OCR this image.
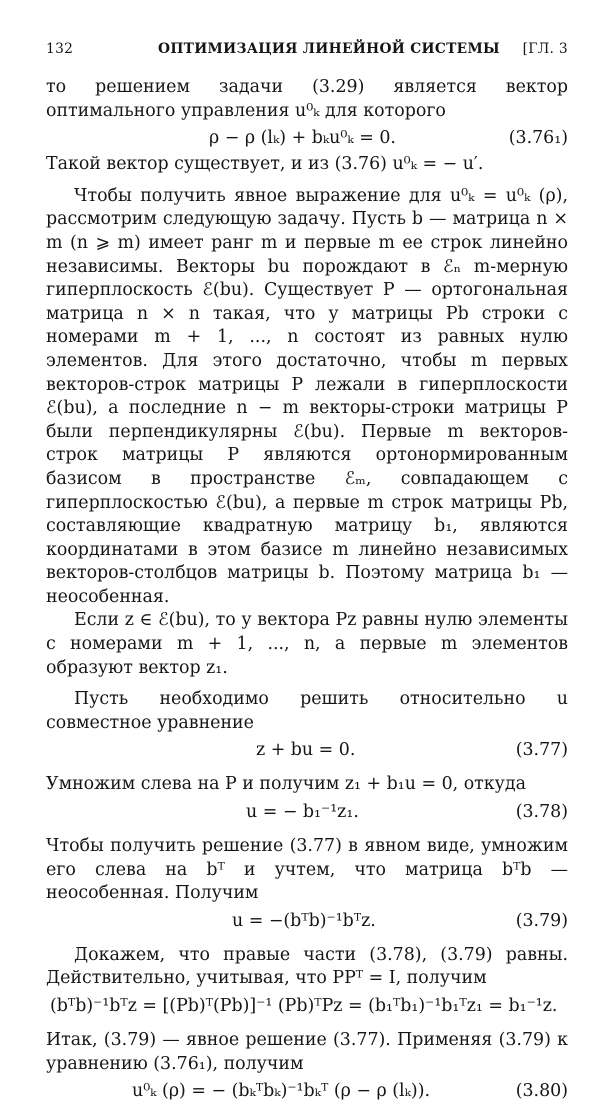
132	ОПТИМИЗАЦИЯ ЛИНЕЙНОЙ СИСТЕМЫ [ГЛ. 3

то решением задачи (3.29) является вектор оптимального управления u⁰ₖ для которого

ρ − ρ (lₖ) + bₖu⁰ₖ = 0.	(3.76₁)

Такой вектор существует, и из (3.76) u⁰ₖ = − u′.

Чтобы получить явное выражение для u⁰ₖ = u⁰ₖ (ρ), рассмотрим следующую задачу. Пусть b — матрица n × m (n ⩾ m) имеет ранг m и первые m ее строк линейно независимы. Векторы bu порождают в ℰₙ m-мерную гиперплоскость ℰ(bu). Существует P — ортогональная матрица n × n такая, что у матрицы Pb строки с номерами m + 1, ..., n состоят из равных нулю элементов. Для этого достаточно, чтобы m первых векторов-строк матрицы P лежали в гиперплоскости ℰ(bu), а последние n − m векторы-строки матрицы P были перпендикулярны ℰ(bu). Первые m векторов-строк матрицы P являются ортонормированным базисом в пространстве ℰₘ, совпадающем с гиперплоскостью ℰ(bu), а первые m строк матрицы Pb, составляющие квадратную матрицу b₁, являются координатами в этом базисе m линейно независимых векторов-столбцов матрицы b. Поэтому матрица b₁ — неособенная.

Если z ∈ ℰ(bu), то у вектора Pz равны нулю элементы с номерами m + 1, ..., n, а первые m элементов образуют вектор z₁.

Пусть необходимо решить относительно u совместное уравнение

z + bu = 0.	(3.77)

Умножим слева на P и получим z₁ + b₁u = 0, откуда

u = − b₁⁻¹z₁.	(3.78)

Чтобы получить решение (3.77) в явном виде, умножим его слева на bᵀ и учтем, что матрица bᵀb — неособенная. Получим

u = −(bᵀb)⁻¹bᵀz.	(3.79)

Докажем, что правые части (3.78), (3.79) равны. Действительно, учитывая, что PPᵀ = I, получим

(bᵀb)⁻¹bᵀz = [(Pb)ᵀ(Pb)]⁻¹ (Pb)ᵀPz = (b₁ᵀb₁)⁻¹b₁ᵀz₁ = b₁⁻¹z.

Итак, (3.79) — явное решение (3.77). Применяя (3.79) к уравнению (3.76₁), получим

u⁰ₖ (ρ) = − (bₖᵀbₖ)⁻¹bₖᵀ (ρ − ρ (lₖ)).	(3.80)
